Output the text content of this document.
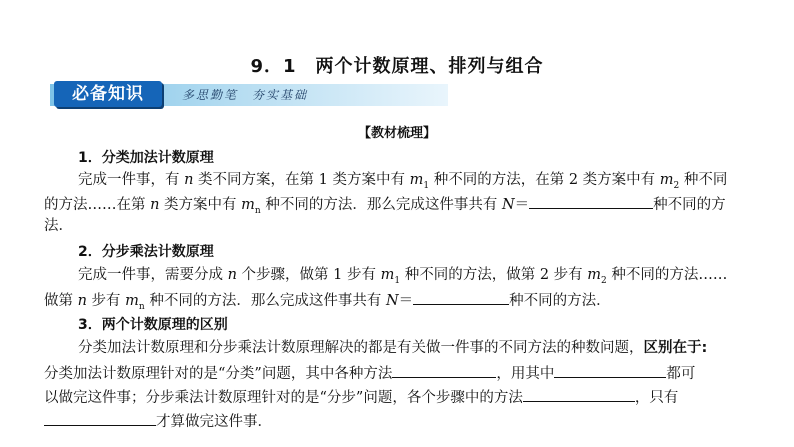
9．1　两个计数原理、排列与组合
必备知识	多思勤笔　夯实基础
【教材梳理】
1．分类加法计数原理
完成一件事，有 n 类不同方案，在第 1 类方案中有 $m_1$ 种不同的方法，在第 2 类方案中有 $m_2$ 种不同
的方法……在第 n 类方案中有 $m_n$ 种不同的方法．那么完成这件事共有 N＝	种不同的方
法．
2．分步乘法计数原理
完成一件事，需要分成 n 个步骤，做第 1 步有 $m_1$ 种不同的方法，做第 2 步有 $m_2$ 种不同的方法……
做第 n 步有 $m_n$ 种不同的方法．那么完成这件事共有 N＝	种不同的方法．
3．两个计数原理的区别
分类加法计数原理和分步乘法计数原理解决的都是有关做一件事的不同方法的种数问题，区别在于:
分类加法计数原理针对的是“分类”问题，其中各种方法	，用其中	都可
以做完这件事；分步乘法计数原理针对的是“分步”问题，各个步骤中的方法	，只有
才算做完这件事．
